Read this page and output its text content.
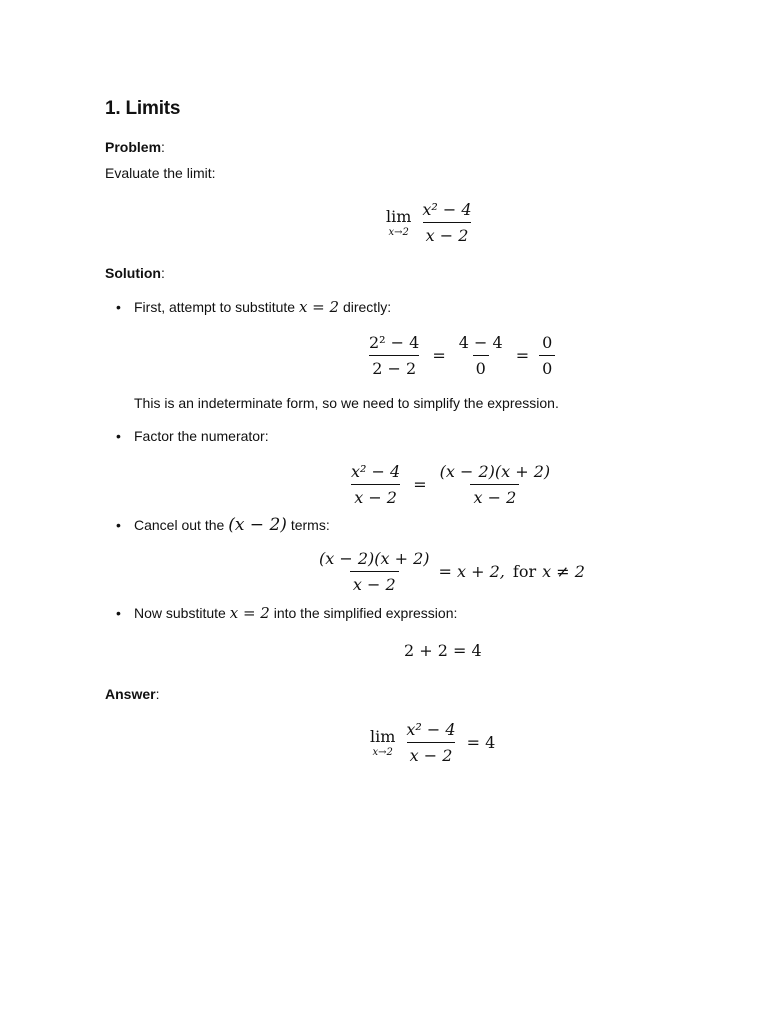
1. Limits
Problem:
Evaluate the limit:
lim
$x\to 2 \frac{\text{x² − 4}}{x - 2}$
Solution:
First, attempt to substitute x = 2 directly:
$\frac{\text{2² − 4}}{2 - 2} = \frac{4 - 4}{0} = \frac{0}{0}$
This is an indeterminate form, so we need to simplify the expression.
Factor the numerator:
$\frac{\text{x² − 4}}{x - 2} = \frac{(x - 2)(x + 2)}{x - 2}$
Cancel out the (x − 2) terms:
$\frac{(x - 2)(x + 2)}{x - 2} = x + 2$, for x ≠ 2
Now substitute x = 2 into the simplified expression:
2 + 2 = 4
Answer:
lim
$x\to 2 \frac{\text{x² − 4}}{x - 2} = 4$
